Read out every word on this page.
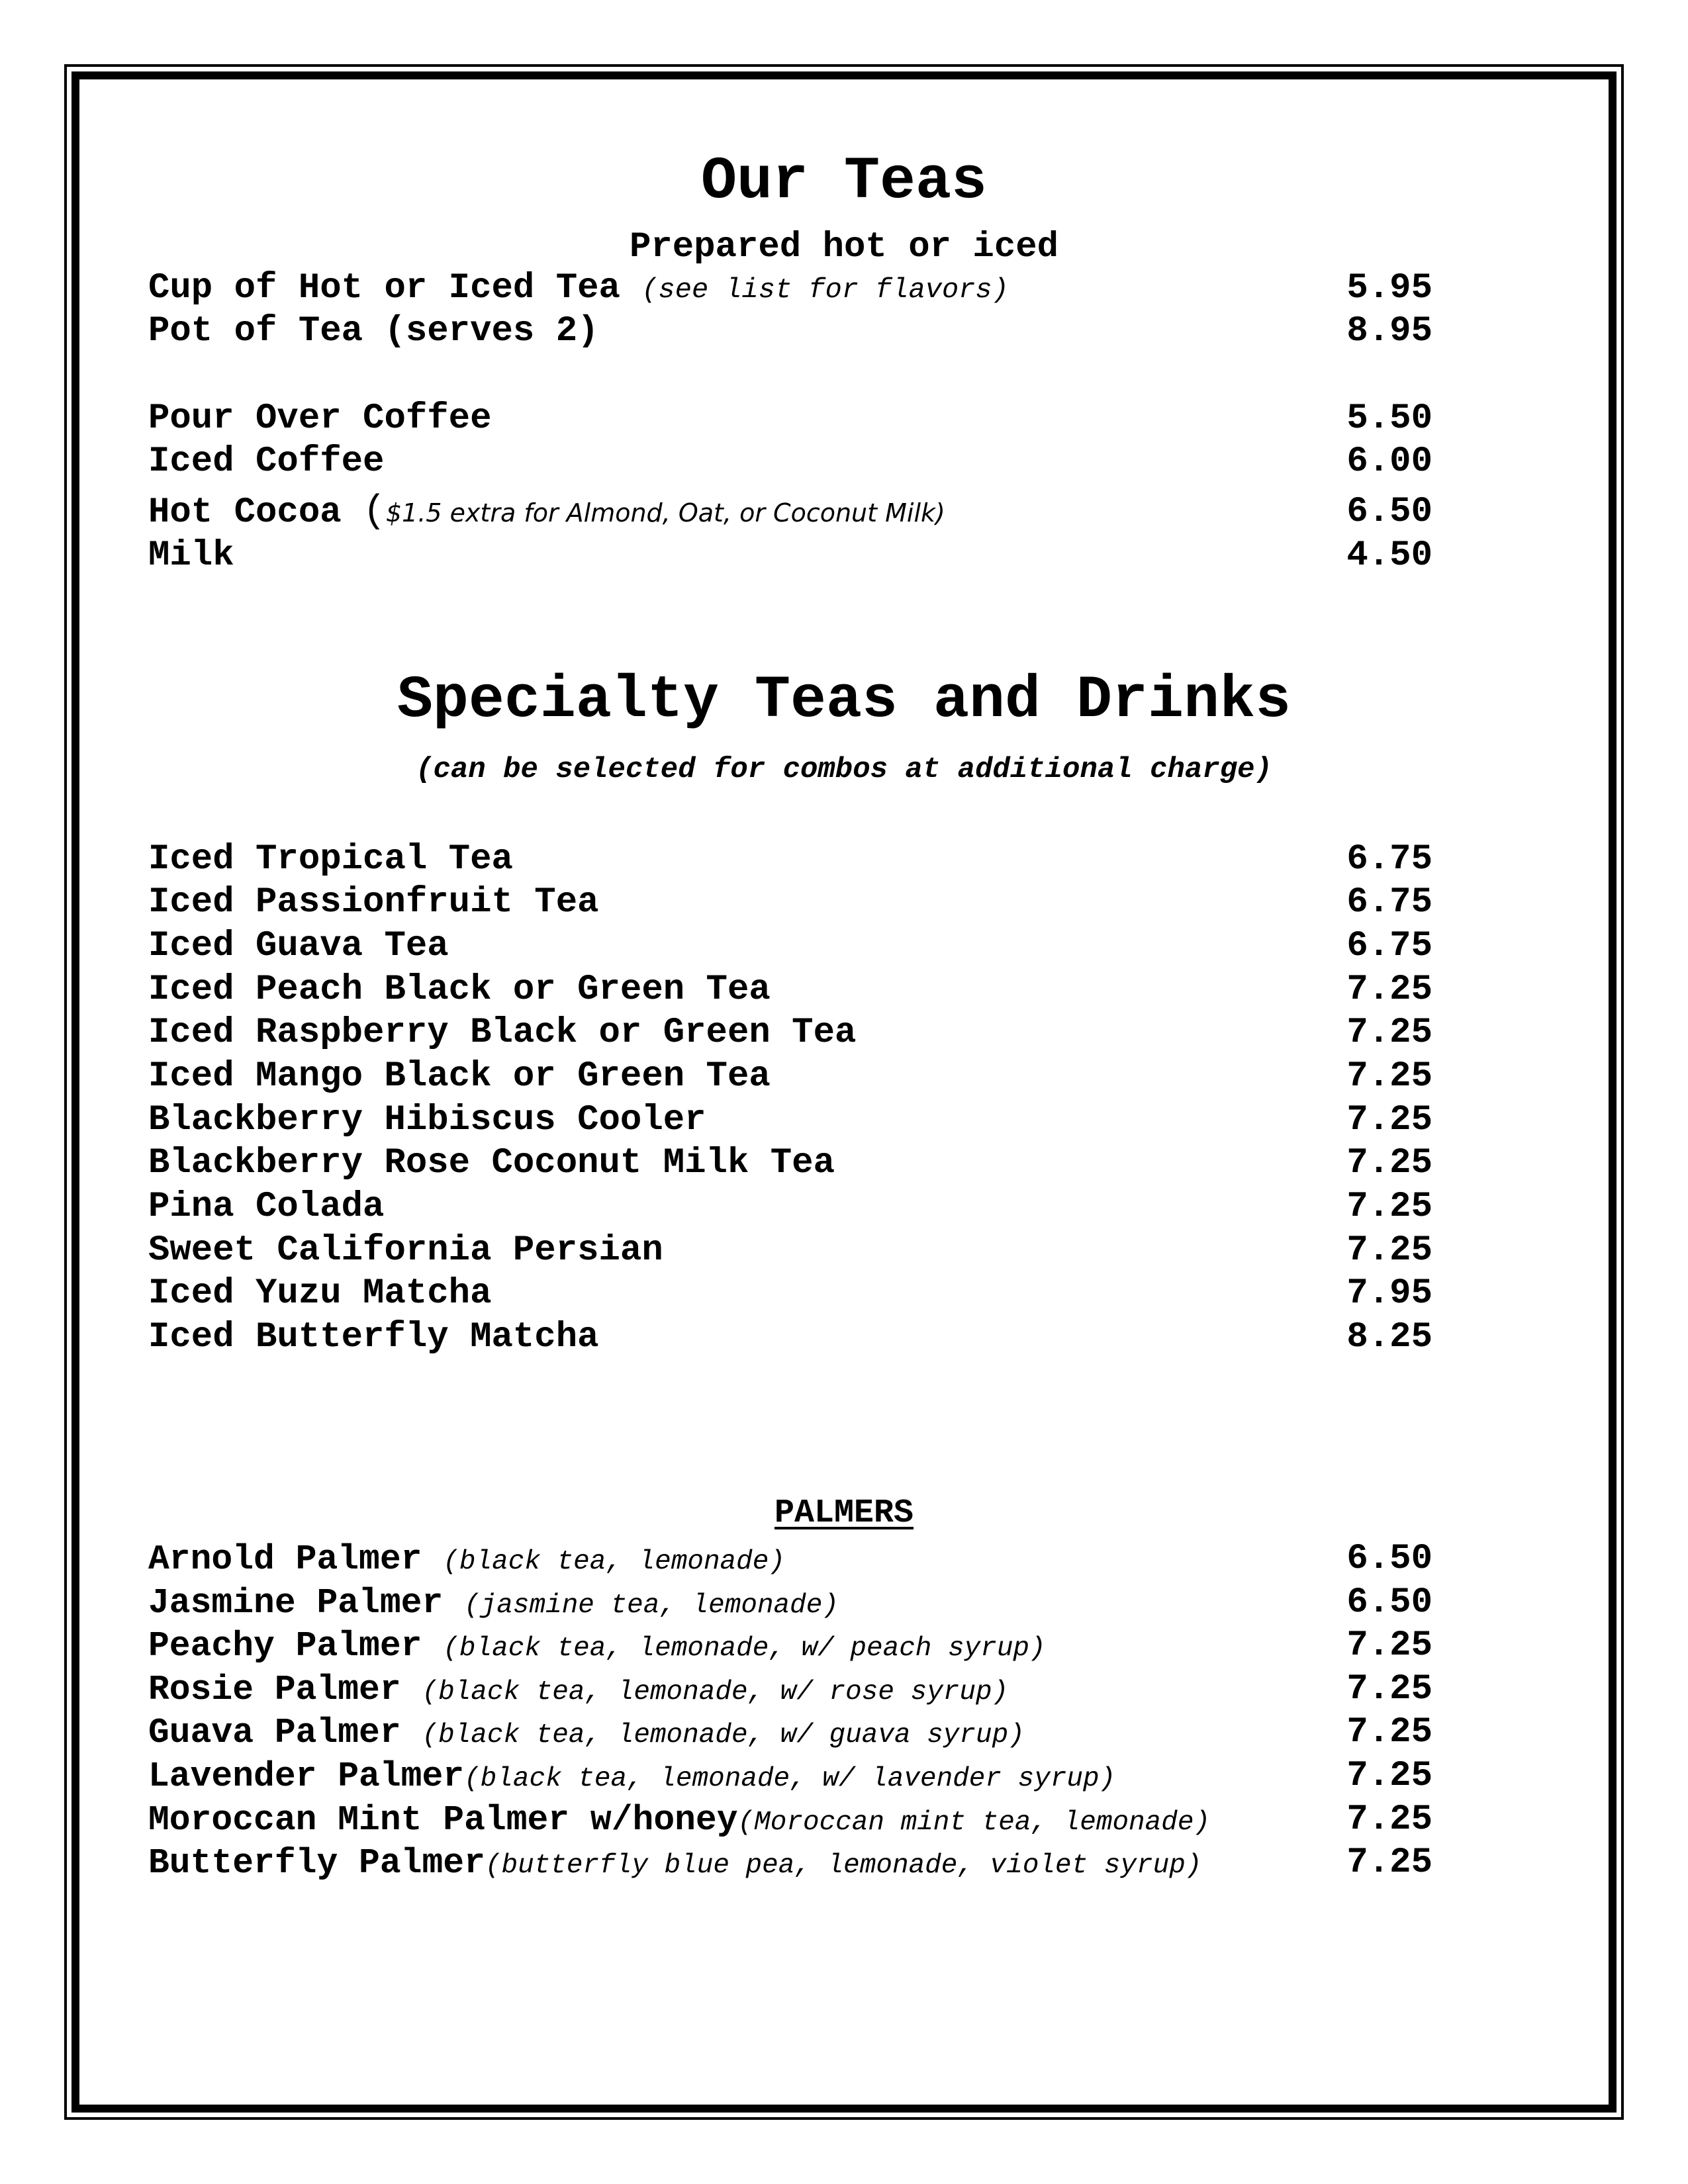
Our Teas
Prepared hot or iced
Cup of Hot or Iced Tea (see list for flavors)	5.95
Pot of Tea (serves 2)	8.95
Pour Over Coffee	5.50
Iced Coffee	6.00
Hot Cocoa ($1.5 extra for Almond, Oat, or Coconut Milk)	6.50
Milk	4.50
Specialty Teas and Drinks
(can be selected for combos at additional charge)
Iced Tropical Tea	6.75
Iced Passionfruit Tea	6.75
Iced Guava Tea	6.75
Iced Peach Black or Green Tea	7.25
Iced Raspberry Black or Green Tea	7.25
Iced Mango Black or Green Tea	7.25
Blackberry Hibiscus Cooler	7.25
Blackberry Rose Coconut Milk Tea	7.25
Pina Colada	7.25
Sweet California Persian	7.25
Iced Yuzu Matcha	7.95
Iced Butterfly Matcha	8.25
PALMERS
Arnold Palmer (black tea, lemonade)	6.50
Jasmine Palmer (jasmine tea, lemonade)	6.50
Peachy Palmer (black tea, lemonade, w/ peach syrup)	7.25
Rosie Palmer (black tea, lemonade, w/ rose syrup)	7.25
Guava Palmer (black tea, lemonade, w/ guava syrup)	7.25
Lavender Palmer(black tea, lemonade, w/ lavender syrup)	7.25
Moroccan Mint Palmer w/honey(Moroccan mint tea, lemonade)	7.25
Butterfly Palmer(butterfly blue pea, lemonade, violet syrup)	7.25
